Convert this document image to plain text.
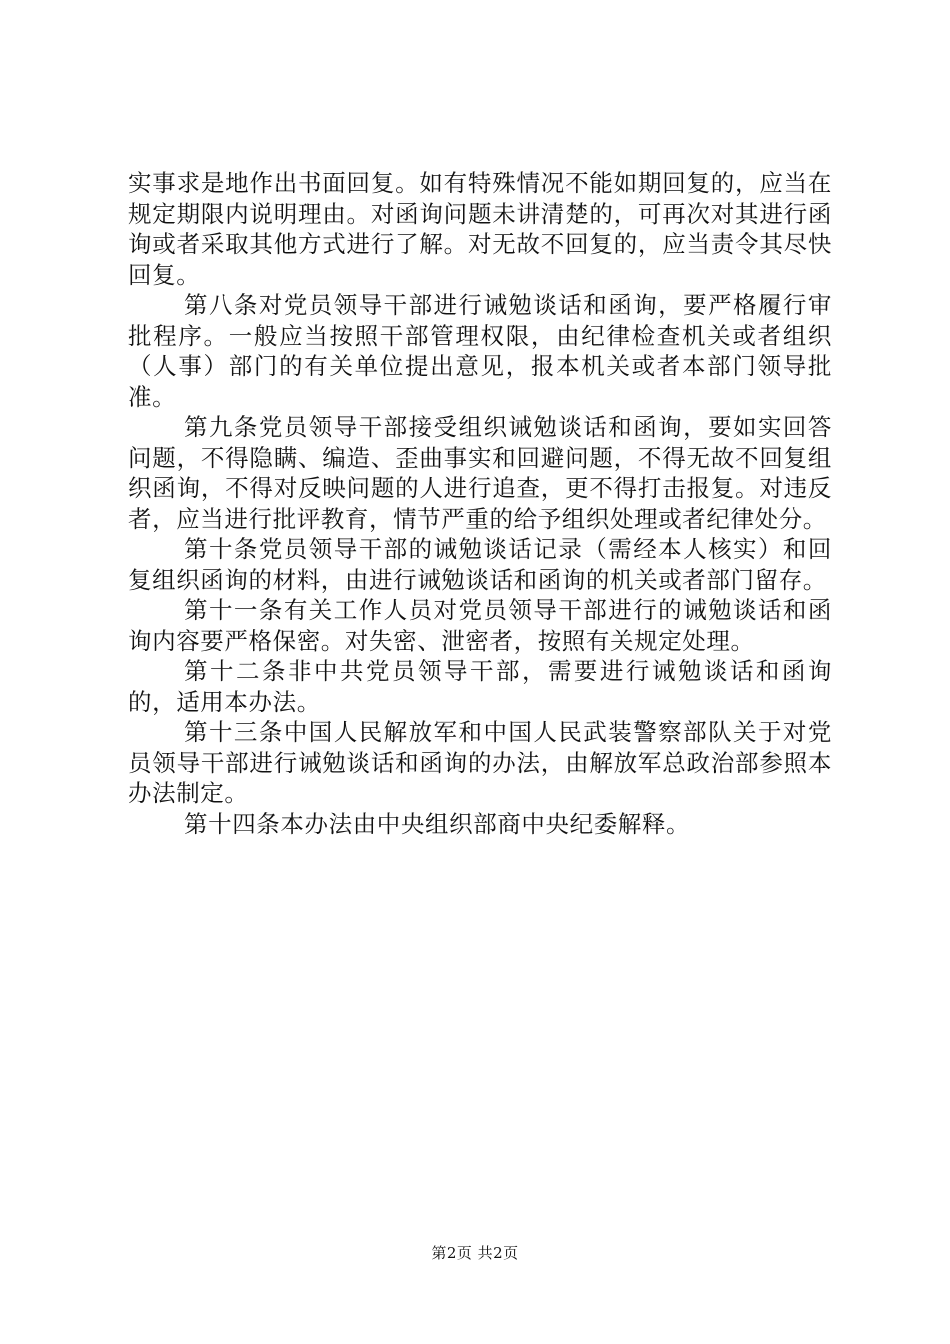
实事求是地作出书面回复。如有特殊情况不能如期回复的，应当在规定期限内说明理由。对函询问题未讲清楚的，可再次对其进行函询或者采取其他方式进行了解。对无故不回复的，应当责令其尽快回复。

第八条对党员领导干部进行诫勉谈话和函询，要严格履行审批程序。一般应当按照干部管理权限，由纪律检查机关或者组织（人事）部门的有关单位提出意见，报本机关或者本部门领导批准。

第九条党员领导干部接受组织诫勉谈话和函询，要如实回答问题，不得隐瞒、编造、歪曲事实和回避问题，不得无故不回复组织函询，不得对反映问题的人进行追查，更不得打击报复。对违反者，应当进行批评教育，情节严重的给予组织处理或者纪律处分。

第十条党员领导干部的诫勉谈话记录（需经本人核实）和回复组织函询的材料，由进行诫勉谈话和函询的机关或者部门留存。

第十一条有关工作人员对党员领导干部进行的诫勉谈话和函询内容要严格保密。对失密、泄密者，按照有关规定处理。

第十二条非中共党员领导干部，需要进行诫勉谈话和函询的，适用本办法。

第十三条中国人民解放军和中国人民武装警察部队关于对党员领导干部进行诫勉谈话和函询的办法，由解放军总政治部参照本办法制定。

第十四条本办法由中央组织部商中央纪委解释。

第2页 共2页
